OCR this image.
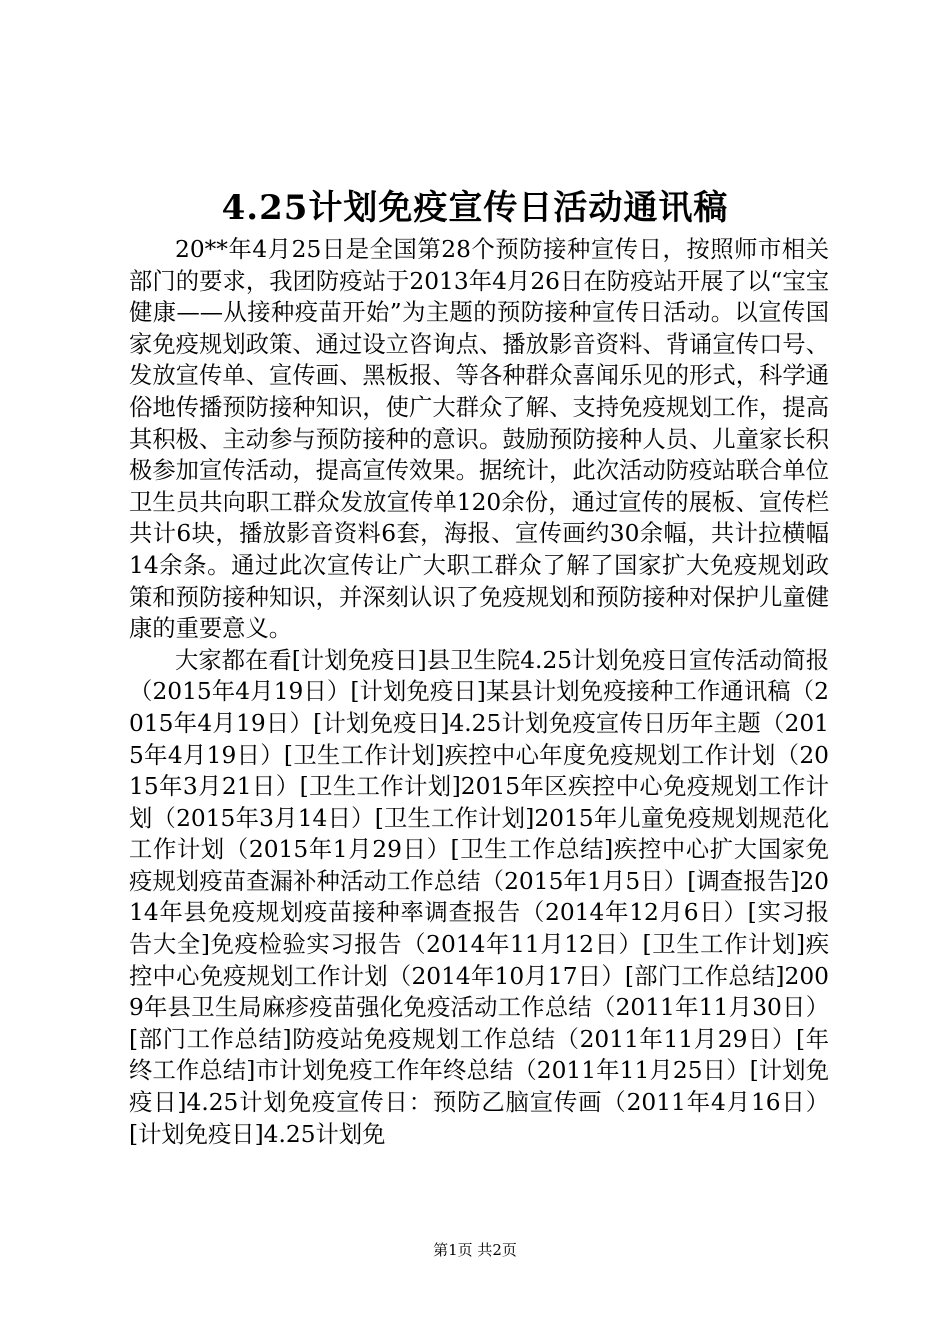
4.25计划免疫宣传日活动通讯稿

20**年4月25日是全国第28个预防接种宣传日，按照师市相关部门的要求，我团防疫站于2013年4月26日在防疫站开展了以“宝宝健康——从接种疫苗开始”为主题的预防接种宣传日活动。以宣传国家免疫规划政策、通过设立咨询点、播放影音资料、背诵宣传口号、发放宣传单、宣传画、黑板报、等各种群众喜闻乐见的形式，科学通俗地传播预防接种知识，使广大群众了解、支持免疫规划工作，提高其积极、主动参与预防接种的意识。鼓励预防接种人员、儿童家长积极参加宣传活动，提高宣传效果。据统计，此次活动防疫站联合单位卫生员共向职工群众发放宣传单120余份，通过宣传的展板、宣传栏共计6块，播放影音资料6套，海报、宣传画约30余幅，共计拉横幅14余条。通过此次宣传让广大职工群众了解了国家扩大免疫规划政策和预防接种知识，并深刻认识了免疫规划和预防接种对保护儿童健康的重要意义。

大家都在看[计划免疫日]县卫生院4.25计划免疫日宣传活动简报（2015年4月19日）[计划免疫日]某县计划免疫接种工作通讯稿（2015年4月19日）[计划免疫日]4.25计划免疫宣传日历年主题（2015年4月19日）[卫生工作计划]疾控中心年度免疫规划工作计划（2015年3月21日）[卫生工作计划]2015年区疾控中心免疫规划工作计划（2015年3月14日）[卫生工作计划]2015年儿童免疫规划规范化工作计划（2015年1月29日）[卫生工作总结]疾控中心扩大国家免疫规划疫苗查漏补种活动工作总结（2015年1月5日）[调查报告]2014年县免疫规划疫苗接种率调查报告（2014年12月6日）[实习报告大全]免疫检验实习报告（2014年11月12日）[卫生工作计划]疾控中心免疫规划工作计划（2014年10月17日）[部门工作总结]2009年县卫生局麻疹疫苗强化免疫活动工作总结（2011年11月30日）[部门工作总结]防疫站免疫规划工作总结（2011年11月29日）[年终工作总结]市计划免疫工作年终总结（2011年11月25日）[计划免疫日]4.25计划免疫宣传日：预防乙脑宣传画（2011年4月16日）[计划免疫日]4.25计划免

第1页 共2页
